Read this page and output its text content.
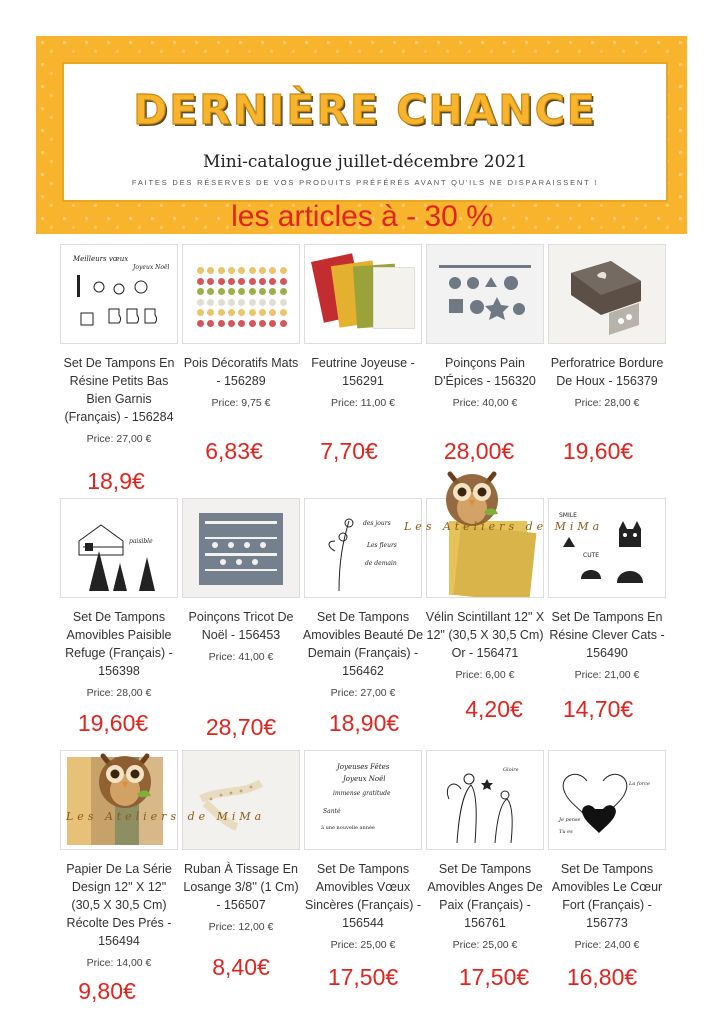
DERNIÈRE CHANCE
Mini-catalogue juillet-décembre 2021
FAITES DES RÉSERVES DE VOS PRODUITS PRÉFÉRÉS AVANT QU'ILS NE DISPARAISSENT !
les articles à - 30 %
Meilleurs vœux
Joyeux Noël
Set De Tampons En Résine Petits Bas Bien Garnis (Français) - 156284
Price: 27,00 €
18,9€
Pois Décoratifs Mats - 156289
Price: 9,75 €
6,83€
Feutrine Joyeuse - 156291
Price: 11,00 €
7,70€
Poinçons Pain D'Épices - 156320
Price: 40,00 €
28,00€
Perforatrice Bordure De Houx - 156379
Price: 28,00 €
19,60€
paisible
Set De Tampons Amovibles Paisible Refuge (Français) - 156398
Price: 28,00 €
19,60€
Poinçons Tricot De Noël - 156453
Price: 41,00 €
28,70€
des jours
Les fleurs
de demain
Set De Tampons Amovibles Beauté De Demain (Français) - 156462
Price: 27,00 €
18,90€
Vélin Scintillant 12" X 12" (30,5 X 30,5 Cm) Or - 156471
Price: 6,00 €
4,20€
SMILE
CUTE
Set De Tampons En Résine Clever Cats - 156490
Price: 21,00 €
14,70€
Papier De La Série Design 12" X 12" (30,5 X 30,5 Cm) Récolte Des Prés - 156494
Price: 14,00 €
9,80€
Ruban À Tissage En Losange 3/8'' (1 Cm) - 156507
Price: 12,00 €
8,40€
Joyeuses Fêtes
Joyeux Noël
immense gratitude
Santé
à une nouvelle année
Set De Tampons Amovibles Vœux Sincères (Français) - 156544
Price: 25,00 €
17,50€
Gloire
Set De Tampons Amovibles Anges De Paix (Français) - 156761
Price: 25,00 €
17,50€
Je pense
Tu es
La force
Set De Tampons Amovibles Le Cœur Fort (Français) - 156773
Price: 24,00 €
16,80€
Les Ateliers de MiMa
Les Ateliers de MiMa
